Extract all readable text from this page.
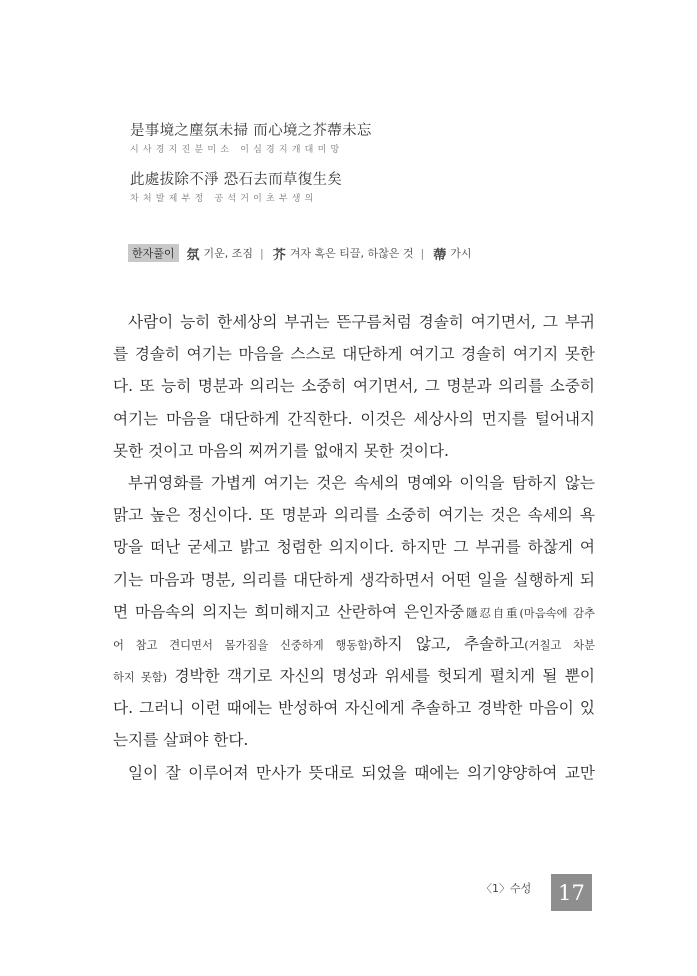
是事境之塵氛未掃 而心境之芥蔕未忘
시사경지진분미소 이심경지개대미망
此處拔除不淨 恐石去而草復生矣
차처발제부정 공석거이초부생의
한자풀이 氛 기운, 조짐 | 芥 겨자 혹은 티끌, 하찮은 것 | 蔕 가시
사람이 능히 한세상의 부귀는 뜬구름처럼 경솔히 여기면서, 그 부귀
를 경솔히 여기는 마음을 스스로 대단하게 여기고 경솔히 여기지 못한
다. 또 능히 명분과 의리는 소중히 여기면서, 그 명분과 의리를 소중히
여기는 마음을 대단하게 간직한다. 이것은 세상사의 먼지를 털어내지
못한 것이고 마음의 찌꺼기를 없애지 못한 것이다.
부귀영화를 가볍게 여기는 것은 속세의 명예와 이익을 탐하지 않는
맑고 높은 정신이다. 또 명분과 의리를 소중히 여기는 것은 속세의 욕
망을 떠난 굳세고 밝고 청렴한 의지이다. 하지만 그 부귀를 하찮게 여
기는 마음과 명분, 의리를 대단하게 생각하면서 어떤 일을 실행하게 되
면 마음속의 의지는 희미해지고 산란하여 은인자중隱忍自重(마음속에 감추
어 참고 견디면서 몸가짐을 신중하게 행동함)하지 않고, 추솔하고(거칠고 차분
하지 못함) 경박한 객기로 자신의 명성과 위세를 헛되게 펼치게 될 뿐이
다. 그러니 이런 때에는 반성하여 자신에게 추솔하고 경박한 마음이 있
는지를 살펴야 한다.
일이 잘 이루어져 만사가 뜻대로 되었을 때에는 의기양양하여 교만
〈1〉수성	17
